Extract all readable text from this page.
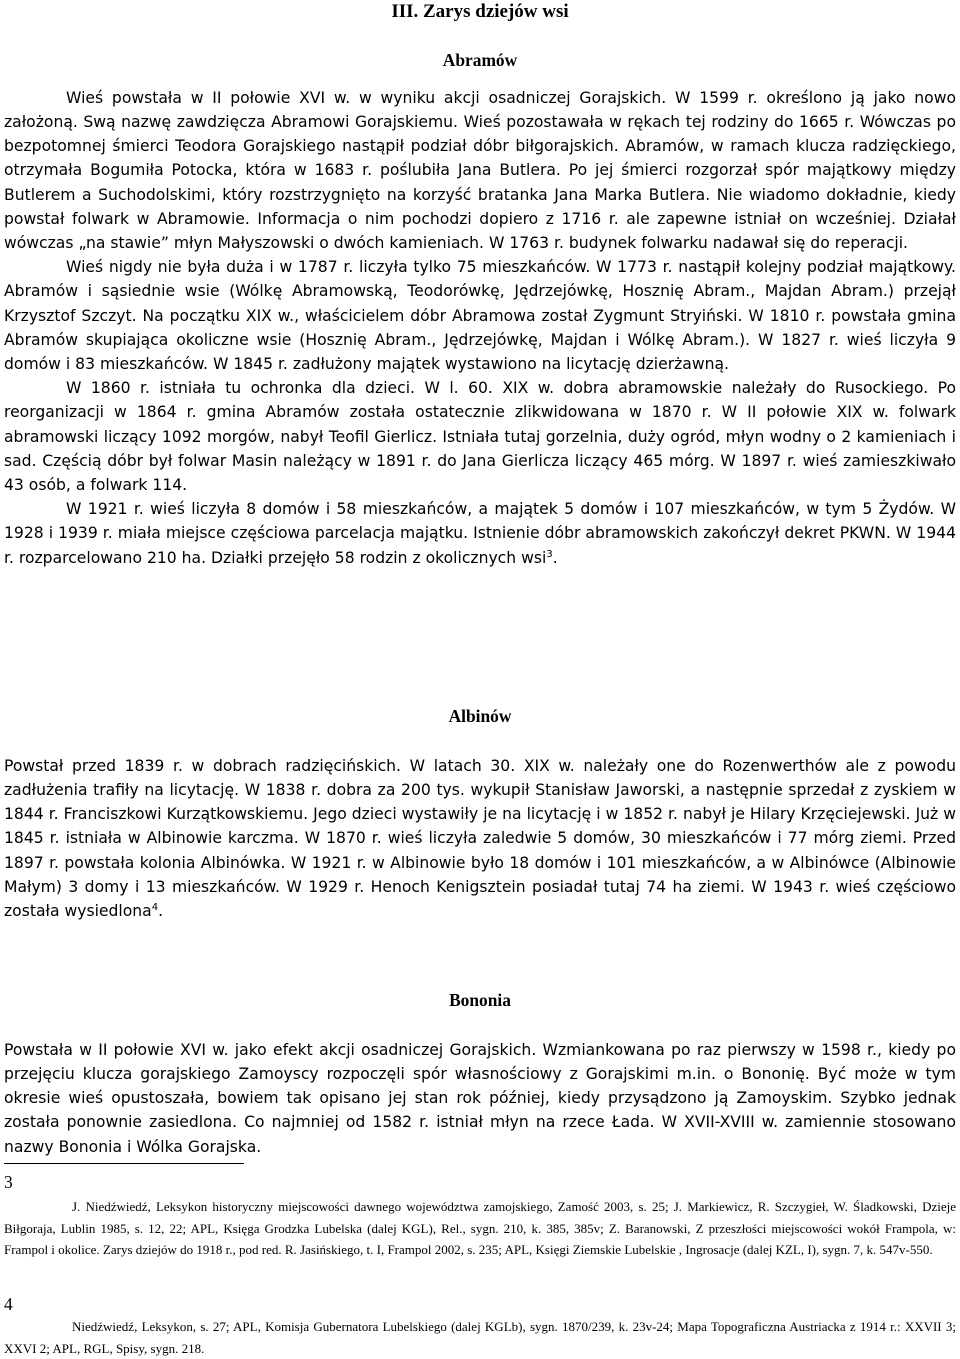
III. Zarys dziejów wsi
Abramów

Wieś powstała w II połowie XVI w. w wyniku akcji osadniczej Gorajskich. W 1599 r. określono ją jako nowo założoną. Swą nazwę zawdzięcza Abramowi Gorajskiemu. Wieś pozostawała w rękach tej rodziny do 1665 r. Wówczas po bezpotomnej śmierci Teodora Gorajskiego nastąpił podział dóbr biłgorajskich. Abramów, w ramach klucza radzięckiego, otrzymała Bogumiła Potocka, która w 1683 r. poślubiła Jana Butlera. Po jej śmierci rozgorzał spór majątkowy między Butlerem a Suchodolskimi, który rozstrzygnięto na korzyść bratanka Jana Marka Butlera. Nie wiadomo dokładnie, kiedy powstał folwark w Abramowie. Informacja o nim pochodzi dopiero z 1716 r. ale zapewne istniał on wcześniej. Działał wówczas „na stawie” młyn Małyszowski o dwóch kamieniach. W 1763 r. budynek folwarku nadawał się do reperacji.

Wieś nigdy nie była duża i w 1787 r. liczyła tylko 75 mieszkańców. W 1773 r. nastąpił kolejny podział majątkowy. Abramów i sąsiednie wsie (Wólkę Abramowską, Teodorówkę, Jędrzejówkę, Hosznię Abram., Majdan Abram.) przejął Krzysztof Szczyt. Na początku XIX w., właścicielem dóbr Abramowa został Zygmunt Stryiński. W 1810 r. powstała gmina Abramów skupiająca okoliczne wsie (Hosznię Abram., Jędrzejówkę, Majdan i Wólkę Abram.). W 1827 r. wieś liczyła 9 domów i 83 mieszkańców. W 1845 r. zadłużony majątek wystawiono na licytację dzierżawną.

W 1860 r. istniała tu ochronka dla dzieci. W l. 60. XIX w. dobra abramowskie należały do Rusockiego. Po reorganizacji w 1864 r. gmina Abramów została ostatecznie zlikwidowana w 1870 r. W II połowie XIX w. folwark abramowski liczący 1092 morgów, nabył Teofil Gierlicz. Istniała tutaj gorzelnia, duży ogród, młyn wodny o 2 kamieniach i sad. Częścią dóbr był folwar Masin należący w 1891 r. do Jana Gierlicza liczący 465 mórg. W 1897 r. wieś zamieszkiwało 43 osób, a folwark 114.

W 1921 r. wieś liczyła 8 domów i 58 mieszkańców, a majątek 5 domów i 107 mieszkańców, w tym 5 Żydów. W 1928 i 1939 r. miała miejsce częściowa parcelacja majątku. Istnienie dóbr abramowskich zakończył dekret PKWN. W 1944 r. rozparcelowano 210 ha. Działki przejęło 58 rodzin z okolicznych wsi$^3$.

Albinów

Powstał przed 1839 r. w dobrach radzięcińskich. W latach 30. XIX w. należały one do Rozenwerthów ale z powodu zadłużenia trafiły na licytację. W 1838 r. dobra za 200 tys. wykupił Stanisław Jaworski, a następnie sprzedał z zyskiem w 1844 r. Franciszkowi Kurzątkowskiemu. Jego dzieci wystawiły je na licytację i w 1852 r. nabył je Hilary Krzęciejewski. Już w 1845 r. istniała w Albinowie karczma. W 1870 r. wieś liczyła zaledwie 5 domów, 30 mieszkańców i 77 mórg ziemi. Przed 1897 r. powstała kolonia Albinówka. W 1921 r. w Albinowie było 18 domów i 101 mieszkańców, a w Albinówce (Albinowie Małym) 3 domy i 13 mieszkańców. W 1929 r. Henoch Kenigsztein posiadał tutaj 74 ha ziemi. W 1943 r. wieś częściowo została wysiedlona$^4$.

Bononia

Powstała w II połowie XVI w. jako efekt akcji osadniczej Gorajskich. Wzmiankowana po raz pierwszy w 1598 r., kiedy po przejęciu klucza gorajskiego Zamoyscy rozpoczęli spór własnościowy z Gorajskimi m.in. o Bononię. Być może w tym okresie wieś opustoszała, bowiem tak opisano jej stan rok później, kiedy przysądzono ją Zamoyskim. Szybko jednak została ponownie zasiedlona. Co najmniej od 1582 r. istniał młyn na rzece Łada. W XVII-XVIII w. zamiennie stosowano nazwy Bononia i Wólka Gorajska.

3
J. Niedźwiedź, Leksykon historyczny miejscowości dawnego województwa zamojskiego, Zamość 2003, s. 25; J. Markiewicz, R. Szczygieł, W. Śladkowski, Dzieje Biłgoraja, Lublin 1985, s. 12, 22; APL, Księga Grodzka Lubelska (dalej KGL), Rel., sygn. 210, k. 385, 385v; Z. Baranowski, Z przeszłości miejscowości wokół Frampola, w: Frampol i okolice. Zarys dziejów do 1918 r., pod red. R. Jasińskiego, t. I, Frampol 2002, s. 235; APL, Księgi Ziemskie Lubelskie , Ingrosacje (dalej KZL, I), sygn. 7, k. 547v-550.
4
Niedźwiedź, Leksykon, s. 27; APL, Komisja Gubernatora Lubelskiego (dalej KGLb), sygn. 1870/239, k. 23v-24; Mapa Topograficzna Austriacka z 1914 r.: XXVII 3; XXVI 2; APL, RGL, Spisy, sygn. 218.
